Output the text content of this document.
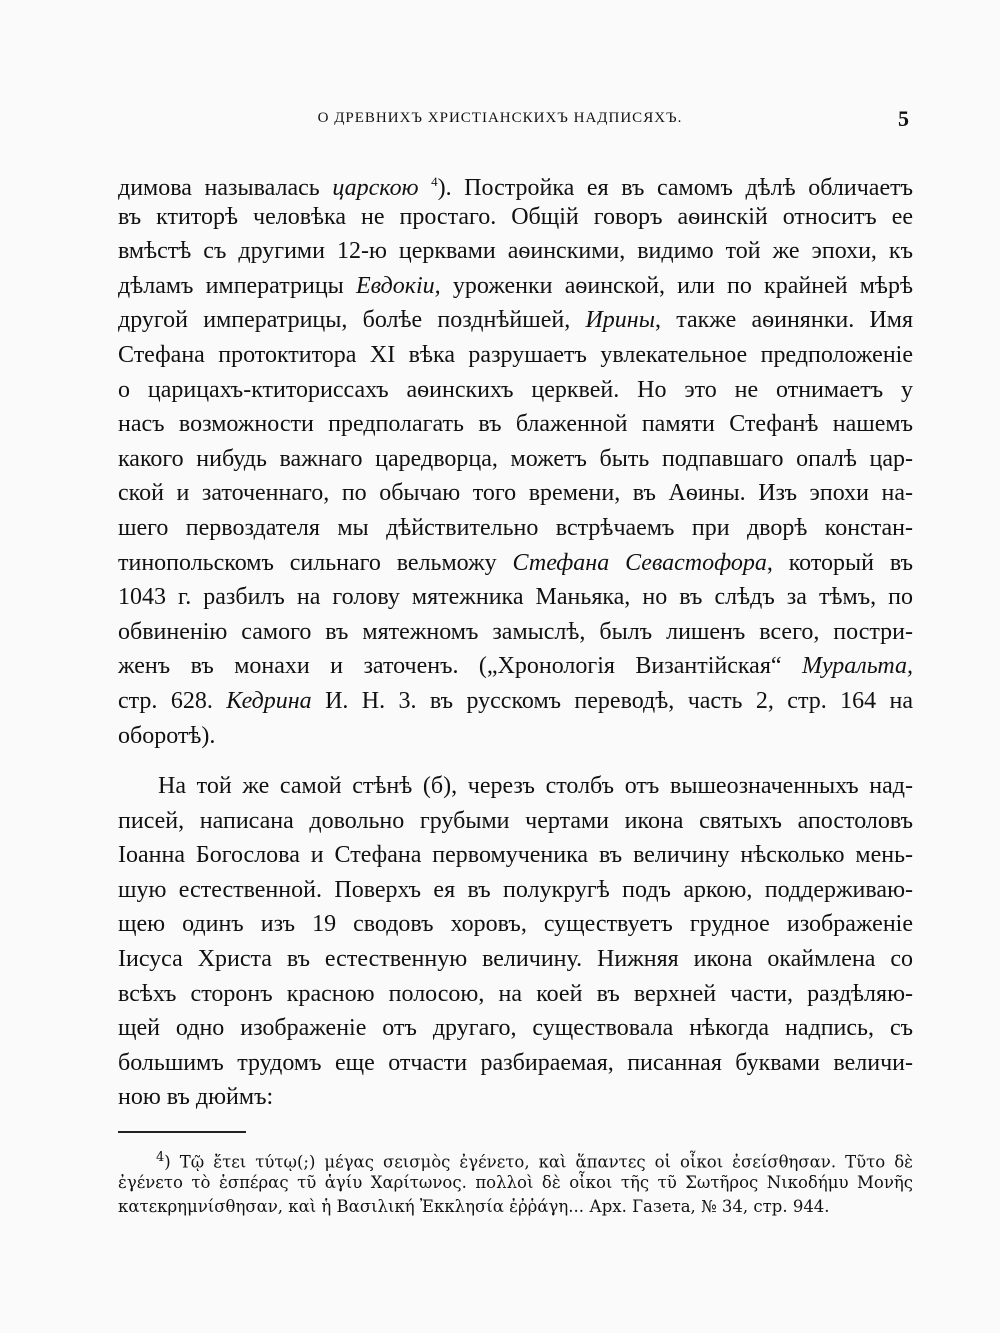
О ДРЕВНИХЪ ХРИСТІАНСКИХЪ НАДПИСЯХЪ.	5
димова называлась царскою $^4$). Постройка ея въ самомъ дѣлѣ обличаетъ
въ ктиторѣ человѣка не простаго. Общій говоръ аѳинскій относитъ ее
вмѣстѣ съ другими 12-ю церквами аѳинскими, видимо той же эпохи, къ
дѣламъ императрицы Евдокіи, уроженки аѳинской, или по крайней мѣрѣ
другой императрицы, болѣе позднѣйшей, Ирины, также аѳинянки. Имя
Стефана протоктитора XI вѣка разрушаетъ увлекательное предположеніе
о царицахъ-ктиториссахъ аѳинскихъ церквей. Но это не отнимаетъ у
насъ возможности предполагать въ блаженной памяти Стефанѣ нашемъ
какого нибудь важнаго царедворца, можетъ быть подпавшаго опалѣ цар-
ской и заточеннаго, по обычаю того времени, въ Аѳины. Изъ эпохи на-
шего первоздателя мы дѣйствительно встрѣчаемъ при дворѣ констан-
тинопольскомъ сильнаго вельможу Стефана Севастофора, который въ
1043 г. разбилъ на голову мятежника Маньяка, но въ слѣдъ за тѣмъ, по
обвиненію самого въ мятежномъ замыслѣ, былъ лишенъ всего, постри-
женъ въ монахи и заточенъ. („Хронологія Византійская“ Муральта,
стр. 628. Кедрина И. Н. 3. въ русскомъ переводѣ, часть 2, стр. 164 на
оборотѣ).
На той же самой стѣнѣ (б), черезъ столбъ отъ вышеозначенныхъ над-
писей, написана довольно грубыми чертами икона святыхъ апостоловъ
Іоанна Богослова и Стефана первомученика въ величину нѣсколько мень-
шую естественной. Поверхъ ея въ полукругѣ подъ аркою, поддерживаю-
щею одинъ изъ 19 сводовъ хоровъ, существуетъ грудное изображеніе
Іисуса Христа въ естественную величину. Нижняя икона окаймлена со
всѣхъ сторонъ красною полосою, на коей въ верхней части, раздѣляю-
щей одно изображеніе отъ другаго, существовала нѣкогда надпись, съ
большимъ трудомъ еще отчасти разбираемая, писанная буквами величи-
ною въ дюймъ:
$^4$) Τῷ ἔτει τύτῳ(;) μέγας σεισμὸς ἐγένετο, καὶ ἅπαντες οἱ οἶκοι ἐσείσθησαν. Τῦτο δὲ
ἐγένετο τὸ ἑσπέρας τῦ ἁγίυ Χαρίτωνος. πολλοὶ δὲ οἶκοι τῆς τῦ Σωτῆρος Νικοδήμυ Μονῆς
κατεκρημνίσθησαν, καὶ ἡ Βασιλική Ἐκκλησία ἐῤῥάγη... Арх. Газета, № 34, стр. 944.
